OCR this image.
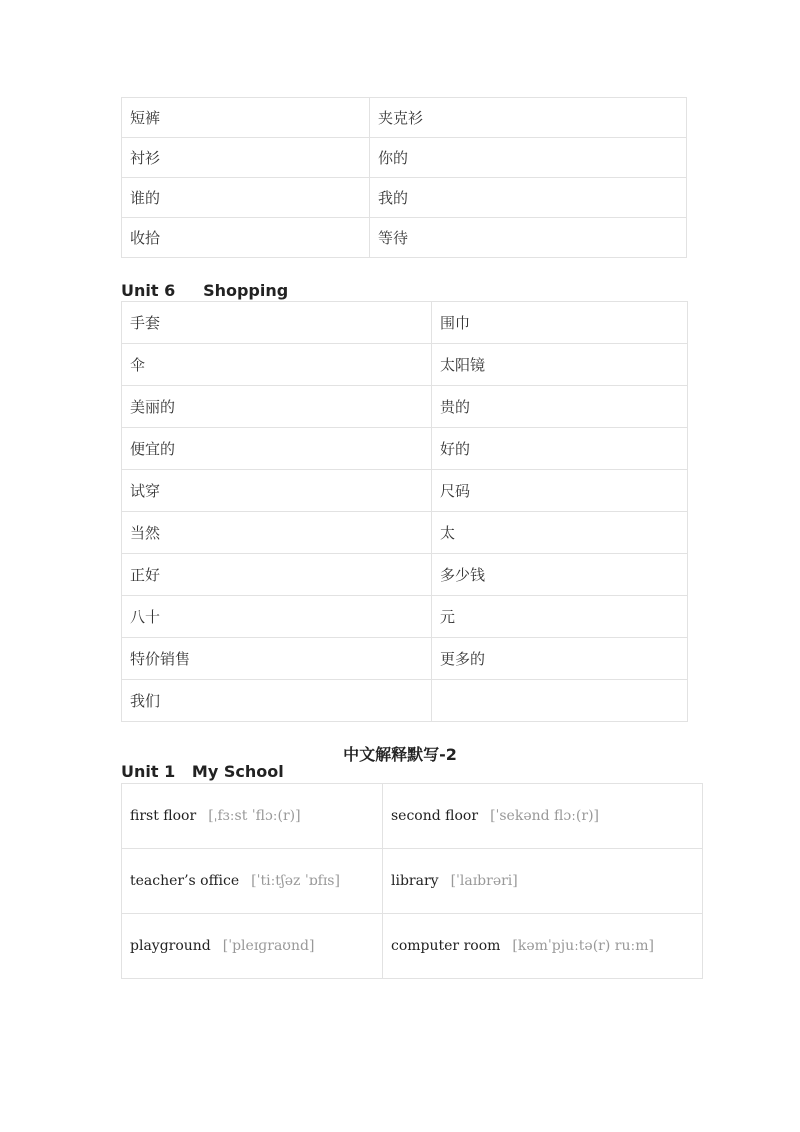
短裤	夹克衫
衬衫	你的
谁的	我的
收拾	等待
Unit 6     Shopping
手套	围巾
伞	太阳镜
美丽的	贵的
便宜的	好的
试穿	尺码
当然	太
正好	多少钱
八十	元
特价销售	更多的
我们	
中文解释默写-2
Unit 1   My School
first floor [ˌfɜːst ˈflɔː(r)]	second floor [ˈsekənd flɔː(r)]
teacher’s office [ˈtiːtʃəz ˈɒfɪs]	library [ˈlaɪbrəri]
playground [ˈpleɪɡraʊnd]	computer room [kəmˈpjuːtə(r) ruːm]
